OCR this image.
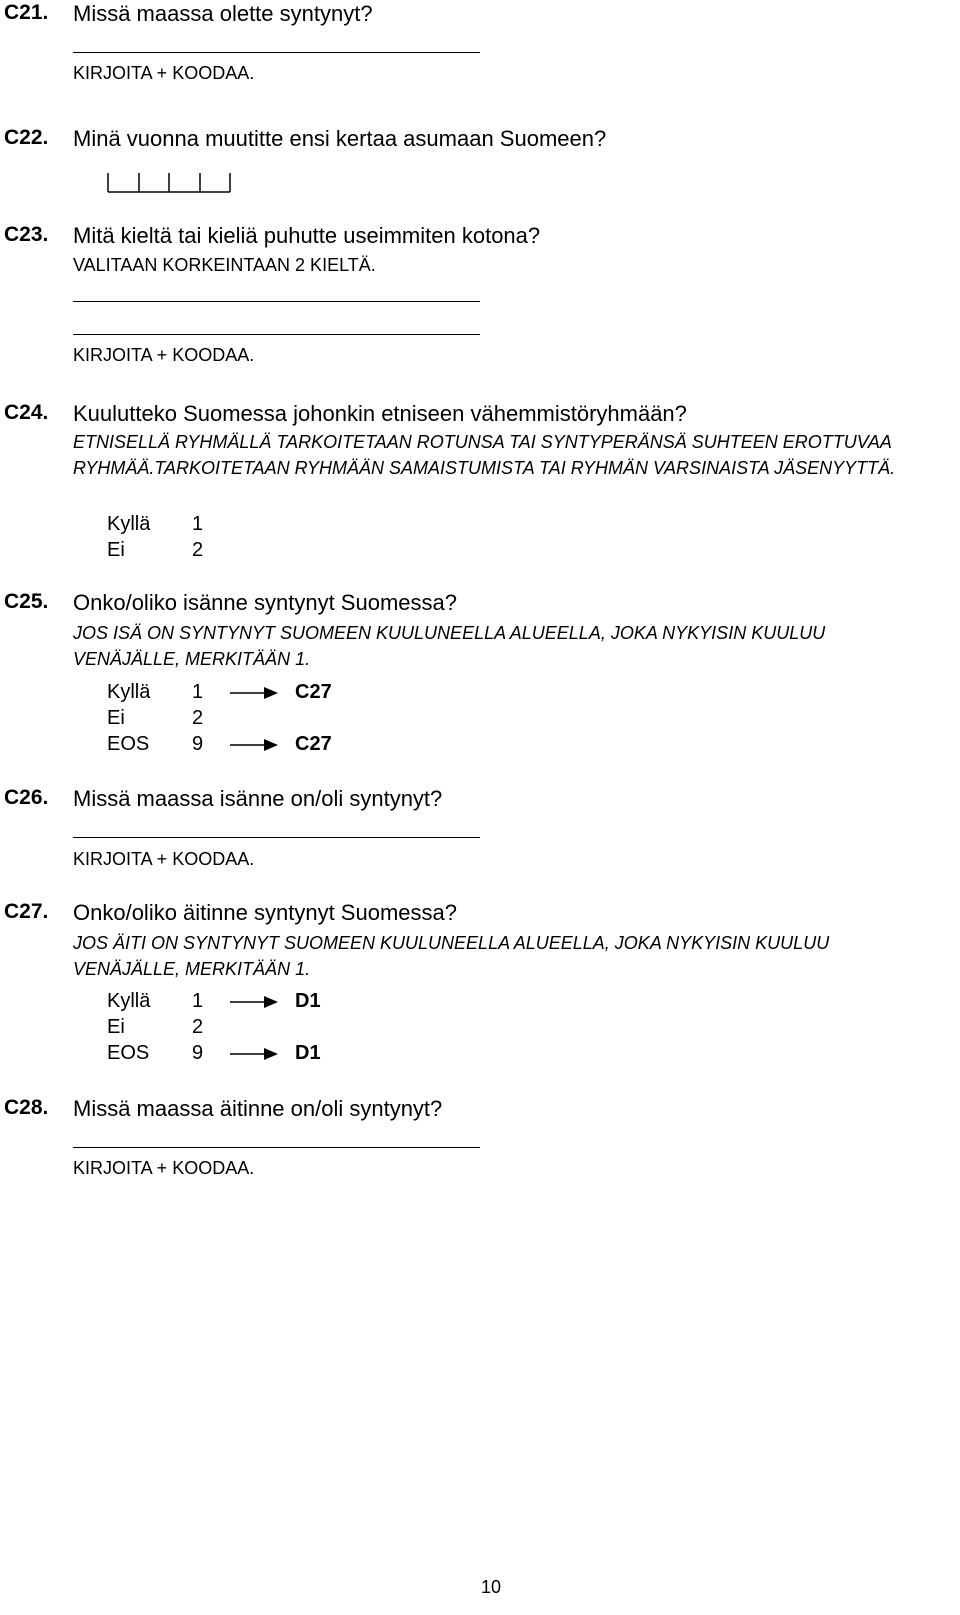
C21. Missä maassa olette syntynyt?
KIRJOITA + KOODAA.
C22. Minä vuonna muutitte ensi kertaa asumaan Suomeen?
C23. Mitä kieltä tai kieliä puhutte useimmiten kotona?
VALITAAN KORKEINTAAN 2 KIELTÄ.
KIRJOITA + KOODAA.
C24. Kuulutteko Suomessa johonkin etniseen vähemmistöryhmään?
ETNISELLÄ RYHMÄLLÄ TARKOITETAAN ROTUNSA TAI SYNTYPERÄNSÄ SUHTEEN EROTTUVAA RYHMÄÄ.TARKOITETAAN RYHMÄÄN SAMAISTUMISTA TAI RYHMÄN VARSINAISTA JÄSENYYTTÄ.
Kyllä 1
Ei	2
C25. Onko/oliko isänne syntynyt Suomessa?
JOS ISÄ ON SYNTYNYT SUOMEEN KUULUNEELLA ALUEELLA, JOKA NYKYISIN KUULUU VENÄJÄLLE, MERKITÄÄN 1.
Kyllä 1	C27
Ei	2
EOS 9	C27
C26. Missä maassa isänne on/oli syntynyt?
KIRJOITA + KOODAA.
C27. Onko/oliko äitinne syntynyt Suomessa?
JOS ÄITI ON SYNTYNYT SUOMEEN KUULUNEELLA ALUEELLA, JOKA NYKYISIN KUULUU VENÄJÄLLE, MERKITÄÄN 1.
Kyllä 1	D1
Ei	2
EOS 9	D1
C28. Missä maassa äitinne on/oli syntynyt?
KIRJOITA + KOODAA.
10
